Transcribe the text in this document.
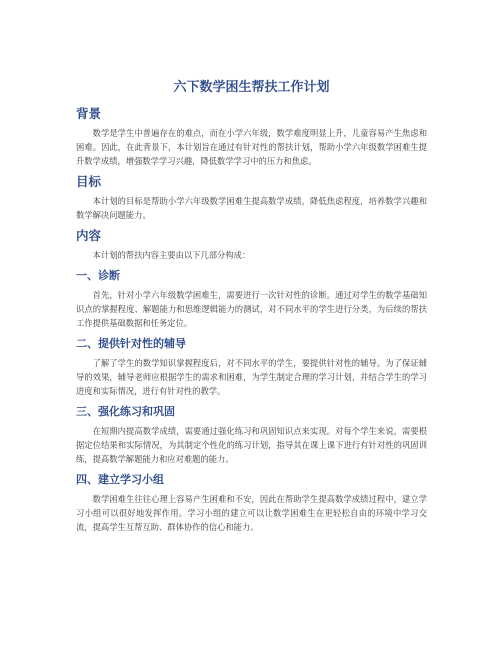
六下数学困生帮扶工作计划
背景

数学是学生中普遍存在的难点，而在小学六年级，数学难度明显上升，儿童容易产生焦虑和困难。因此，在此背景下，本计划旨在通过有针对性的帮扶计划，帮助小学六年级数学困难生提升数学成绩，增强数学学习兴趣，降低数学学习中的压力和焦虑。

目标

本计划的目标是帮助小学六年级数学困难生提高数学成绩，降低焦虑程度，培养数学兴趣和数学解决问题能力。

内容

本计划的帮扶内容主要由以下几部分构成：

一、诊断

首先，针对小学六年级数学困难生，需要进行一次针对性的诊断。通过对学生的数学基础知识点的掌握程度、解题能力和思维逻辑能力的测试，对不同水平的学生进行分类，为后续的帮扶工作提供基础数据和任务定位。

二、提供针对性的辅导

了解了学生的数学知识掌握程度后，对不同水平的学生，要提供针对性的辅导。为了保证辅导的效果，辅导老师应根据学生的需求和困难，为学生制定合理的学习计划，并结合学生的学习进度和实际情况，进行有针对性的教学。

三、强化练习和巩固

在短期内提高数学成绩，需要通过强化练习和巩固知识点来实现。对每个学生来说，需要根据定位结果和实际情况，为其制定个性化的练习计划，指导其在课上课下进行有针对性的巩固训练，提高数学解题能力和应对难题的能力。

四、建立学习小组

数学困难生往往心理上容易产生困难和不安，因此在帮助学生提高数学成绩过程中，建立学习小组可以很好地发挥作用。学习小组的建立可以让数学困难生在更轻松自由的环境中学习交流，提高学生互帮互助、群体协作的信心和能力。
